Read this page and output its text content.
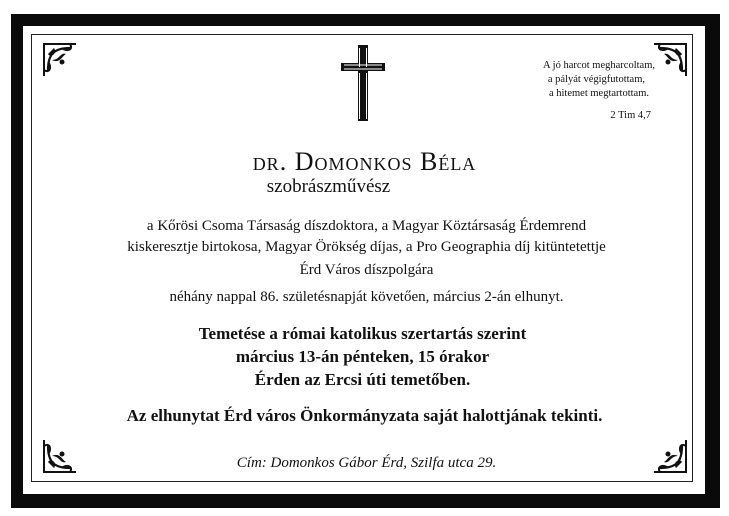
A jó harcot megharcoltam,
a pályát végigfutottam,
a hitemet megtartottam.
2 Tim 4,7
dr. Domonkos Béla
szobrászművész
a Kőrösi Csoma Társaság díszdoktora, a Magyar Köztársaság Érdemrend
kiskeresztje birtokosa, Magyar Örökség díjas, a Pro Geographia díj kitüntetettje
Érd Város díszpolgára
néhány nappal 86. születésnapját követően, március 2-án elhunyt.
Temetése a római katolikus szertartás szerint
március 13-án pénteken, 15 órakor
Érden az Ercsi úti temetőben.
Az elhunytat Érd város Önkormányzata saját halottjának tekinti.
Cím: Domonkos Gábor Érd, Szilfa utca 29.
